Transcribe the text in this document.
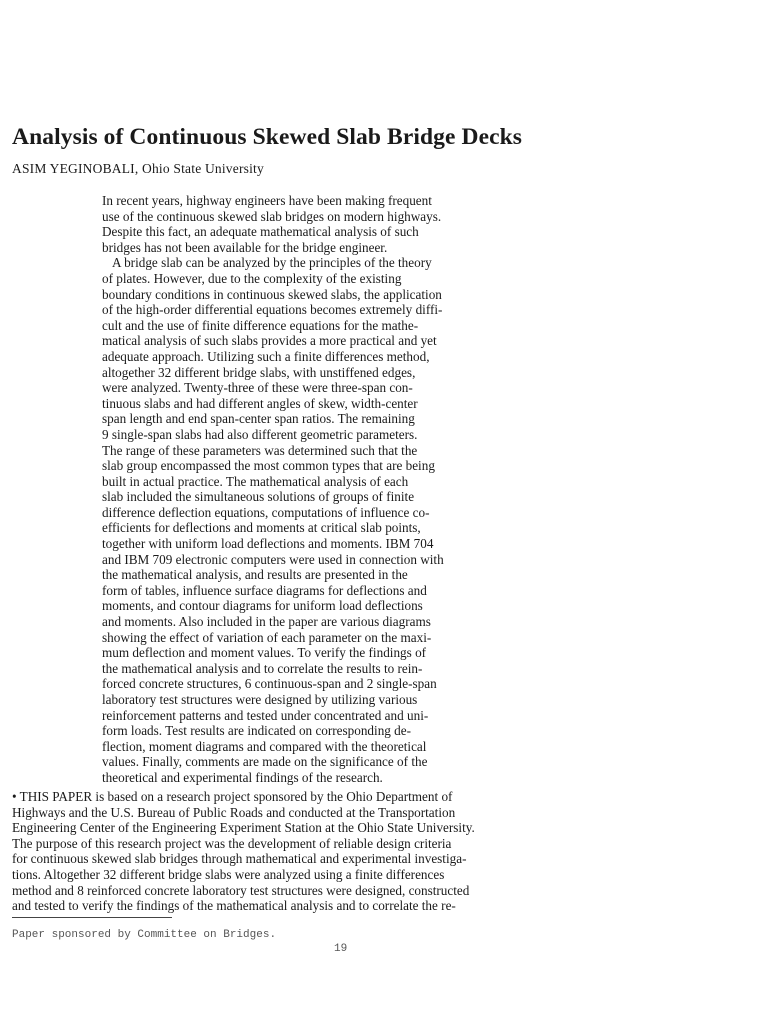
Analysis of Continuous Skewed Slab Bridge Decks
ASIM YEGINOBALI, Ohio State University
In recent years, highway engineers have been making frequent
use of the continuous skewed slab bridges on modern highways.
Despite this fact, an adequate mathematical analysis of such
bridges has not been available for the bridge engineer.
A bridge slab can be analyzed by the principles of the theory
of plates. However, due to the complexity of the existing
boundary conditions in continuous skewed slabs, the application
of the high-order differential equations becomes extremely diffi-
cult and the use of finite difference equations for the mathe-
matical analysis of such slabs provides a more practical and yet
adequate approach. Utilizing such a finite differences method,
altogether 32 different bridge slabs, with unstiffened edges,
were analyzed. Twenty-three of these were three-span con-
tinuous slabs and had different angles of skew, width-center
span length and end span-center span ratios. The remaining
9 single-span slabs had also different geometric parameters.
The range of these parameters was determined such that the
slab group encompassed the most common types that are being
built in actual practice. The mathematical analysis of each
slab included the simultaneous solutions of groups of finite
difference deflection equations, computations of influence co-
efficients for deflections and moments at critical slab points,
together with uniform load deflections and moments. IBM 704
and IBM 709 electronic computers were used in connection with
the mathematical analysis, and results are presented in the
form of tables, influence surface diagrams for deflections and
moments, and contour diagrams for uniform load deflections
and moments. Also included in the paper are various diagrams
showing the effect of variation of each parameter on the maxi-
mum deflection and moment values. To verify the findings of
the mathematical analysis and to correlate the results to rein-
forced concrete structures, 6 continuous-span and 2 single-span
laboratory test structures were designed by utilizing various
reinforcement patterns and tested under concentrated and uni-
form loads. Test results are indicated on corresponding de-
flection, moment diagrams and compared with the theoretical
values. Finally, comments are made on the significance of the
theoretical and experimental findings of the research.
• THIS PAPER is based on a research project sponsored by the Ohio Department of
Highways and the U.S. Bureau of Public Roads and conducted at the Transportation
Engineering Center of the Engineering Experiment Station at the Ohio State University.
The purpose of this research project was the development of reliable design criteria
for continuous skewed slab bridges through mathematical and experimental investiga-
tions. Altogether 32 different bridge slabs were analyzed using a finite differences
method and 8 reinforced concrete laboratory test structures were designed, constructed
and tested to verify the findings of the mathematical analysis and to correlate the re-
Paper sponsored by Committee on Bridges.
19
